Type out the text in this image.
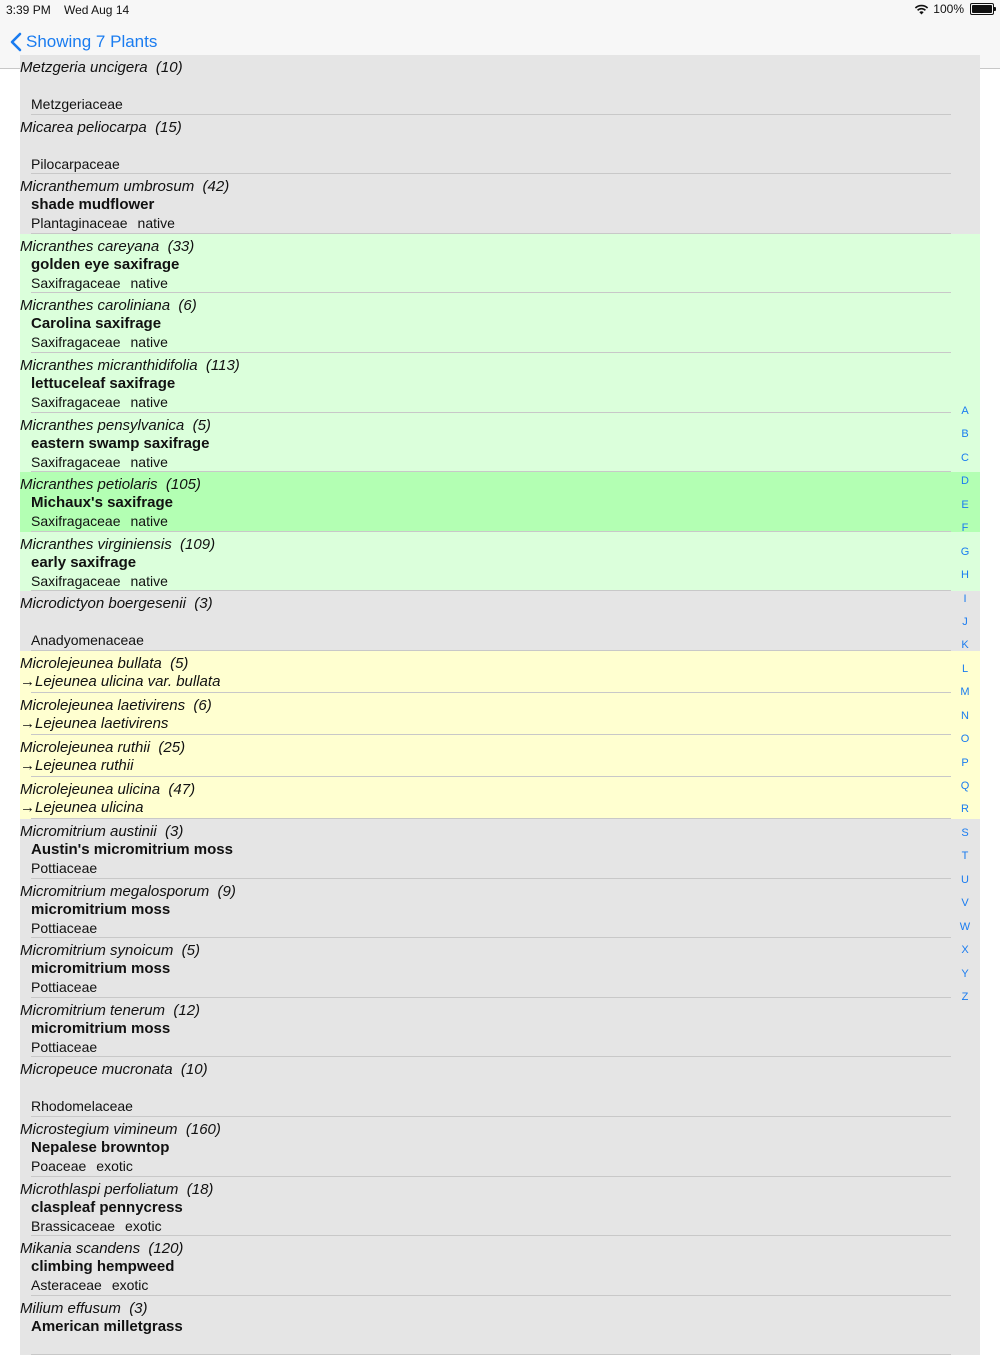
3:39 PM Wed Aug 14	100%
Showing 7 Plants
Metzgeria uncigera  (10)
Metzgeriaceae
Micarea peliocarpa  (15)
Pilocarpaceae
Micranthemum umbrosum  (42)
shade mudflower
Plantaginaceae native
Micranthes careyana  (33)
golden eye saxifrage
Saxifragaceae native
Micranthes caroliniana  (6)
Carolina saxifrage
Saxifragaceae native
Micranthes micranthidifolia  (113)
lettuceleaf saxifrage
Saxifragaceae native
Micranthes pensylvanica  (5)
eastern swamp saxifrage
Saxifragaceae native
Micranthes petiolaris  (105)
Michaux's saxifrage
Saxifragaceae native
Micranthes virginiensis  (109)
early saxifrage
Saxifragaceae native
Microdictyon boergesenii  (3)
Anadyomenaceae
Microlejeunea bullata  (5)
→Lejeunea ulicina var. bullata
Microlejeunea laetivirens  (6)
→Lejeunea laetivirens
Microlejeunea ruthii  (25)
→Lejeunea ruthii
Microlejeunea ulicina  (47)
→Lejeunea ulicina
Micromitrium austinii  (3)
Austin's micromitrium moss
Pottiaceae
Micromitrium megalosporum  (9)
micromitrium moss
Pottiaceae
Micromitrium synoicum  (5)
micromitrium moss
Pottiaceae
Micromitrium tenerum  (12)
micromitrium moss
Pottiaceae
Micropeuce mucronata  (10)
Rhodomelaceae
Microstegium vimineum  (160)
Nepalese browntop
Poaceae exotic
Microthlaspi perfoliatum  (18)
claspleaf pennycress
Brassicaceae exotic
Mikania scandens  (120)
climbing hempweed
Asteraceae exotic
Milium effusum  (3)
American milletgrass
A
B
C
D
E
F
G
H
I
J
K
L
M
N
O
P
Q
R
S
T
U
V
W
X
Y
Z
